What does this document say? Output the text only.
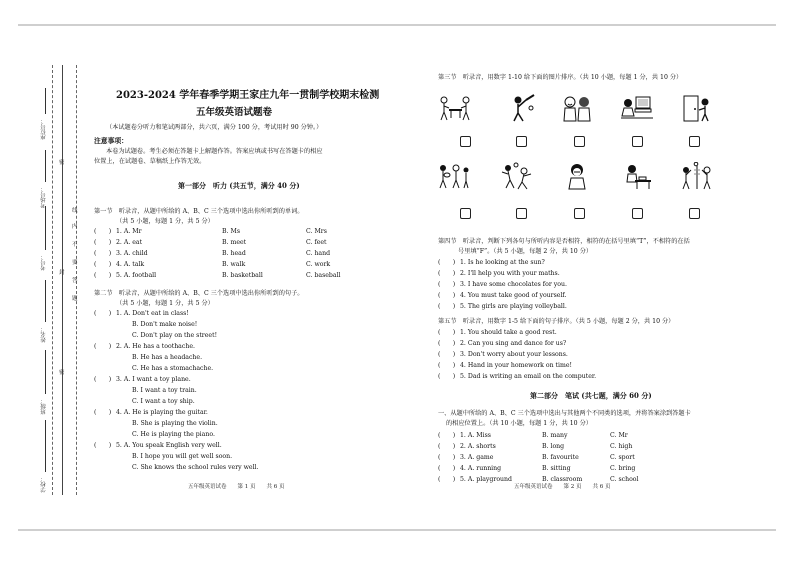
座位号：
考场号：
考号：
姓名：
班级：
学校：
密
线
内
不
要
答
题
封
密
2023-2024 学年春季学期王家庄九年一贯制学校期末检测
五年级英语试题卷
（本试题卷分听力和笔试两部分，共六页，满分 100 分，考试用时 90 分钟。）
注意事项：
本卷为试题卷。考生必须在答题卡上解题作答。答案应填或书写在答题卡的相应
位置上，在试题卷、草稿纸上作答无效。
第一部分　听力 (共五节，满分 40 分)
第一节　听录音，从题中所给的 A、B、C 三个选项中选出你所听到的单词。
（共 5 小题，每题 1 分，共 5 分）
(　　) 1. A. Mr	B. Ms	C. Mrs
(　　) 2. A. eat	B. meet	C. feet
(　　) 3. A. child	B. head	C. hand
(　　) 4. A. talk	B. walk	C. work
(　　) 5. A. football	B. basketball	C. baseball
第二节　听录音，从题中所给的 A、B、C 三个选项中选出你所听到的句子。
（共 5 小题，每题 1 分，共 5 分）
(　　) 1. A. Don't eat in class!
B. Don't make noise!
C. Don't play on the street!
(　　) 2. A. He has a toothache.
B. He has a headache.
C. He has a stomachache.
(　　) 3. A. I want a toy plane.
B. I want a toy train.
C. I want a toy ship.
(　　) 4. A. He is playing the guitar.
B. She is playing the violin.
C. He is playing the piano.
(　　) 5. A. You speak English very well.
B. I hope you will get well soon.
C. She knows the school rules very well.
五年级英语试卷　　第 1 页　　共 6 页
第三节　听录音，用数字 1-10 给下面的图片排序。（共 10 小题，每题 1 分，共 10 分）
第四节　听录音，判断下列各句与所听内容是否相符，相符的在括号里填“T”，不相符的在括
号里填“F”。（共 5 小题，每题 2 分，共 10 分）
(　　) 1. Is he looking at the sun?
(　　) 2. I'll help you with your maths.
(　　) 3. I have some chocolates for you.
(　　) 4. You must take good of yourself.
(　　) 5. The girls are playing volleyball.
第五节　听录音，用数字 1-5 给下面的句子排序。（共 5 小题，每题 2 分，共 10 分）
(　　) 1. You should take a good rest.
(　　) 2. Can you sing and dance for us?
(　　) 3. Don't worry about your lessons.
(　　) 4. Hand in your homework on time!
(　　) 5. Dad is writing an email on the computer.
第二部分　笔试 (共七题，满分 60 分)
一、从题中所给的 A、B、C 三个选项中选出与其他两个不同类的选项，并将答案涂到答题卡
的相应位置上。（共 10 小题，每题 1 分，共 10 分）
(　　) 1. A. Miss	B. many	C. Mr
(　　) 2. A. shorts	B. long	C. high
(　　) 3. A. game	B. favourite	C. sport
(　　) 4. A. running	B. sitting	C. bring
(　　) 5. A. playground	B. classroom	C. school
五年级英语试卷　　第 2 页　　共 6 页
